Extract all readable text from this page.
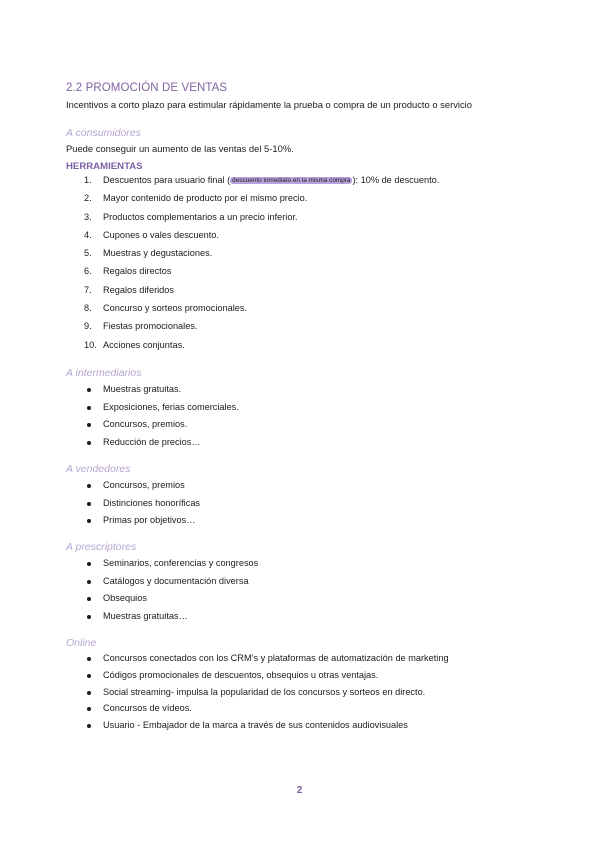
2.2 PROMOCIÓN DE VENTAS
Incentivos a corto plazo para estimular rápidamente la prueba o compra de un producto o servicio
A consumidores
Puede conseguir un aumento de las ventas del 5-10%.
HERRAMIENTAS
1.	Descuentos para usuario final ( descuento inmediato en la misma compra ): 10% de descuento.
2.	Mayor contenido de producto por el mismo precio.
3.	Productos complementarios a un precio inferior.
4.	Cupones o vales descuento.
5.	Muestras y degustaciones.
6.	Regalos directos
7.	Regalos diferidos
8.	Concurso y sorteos promocionales.
9.	Fiestas promocionales.
10. Acciones conjuntas.
A intermediarios
Muestras gratuitas.
Exposiciones, ferias comerciales.
Concursos, premios.
Reducción de precios…
A vendedores
Concursos, premios
Distinciones honoríficas
Primas por objetivos…
A prescriptores
Seminarios, conferencias y congresos
Catálogos y documentación diversa
Obsequios
Muestras gratuitas…
Online
Concursos conectados con los CRM’s y plataformas de automatización de marketing
Códigos promocionales de descuentos, obsequios u otras ventajas.
Social streaming- impulsa la popularidad de los concursos y sorteos en directo.
Concursos de vídeos.
Usuario - Embajador de la marca a través de sus contenidos audiovisuales
2
